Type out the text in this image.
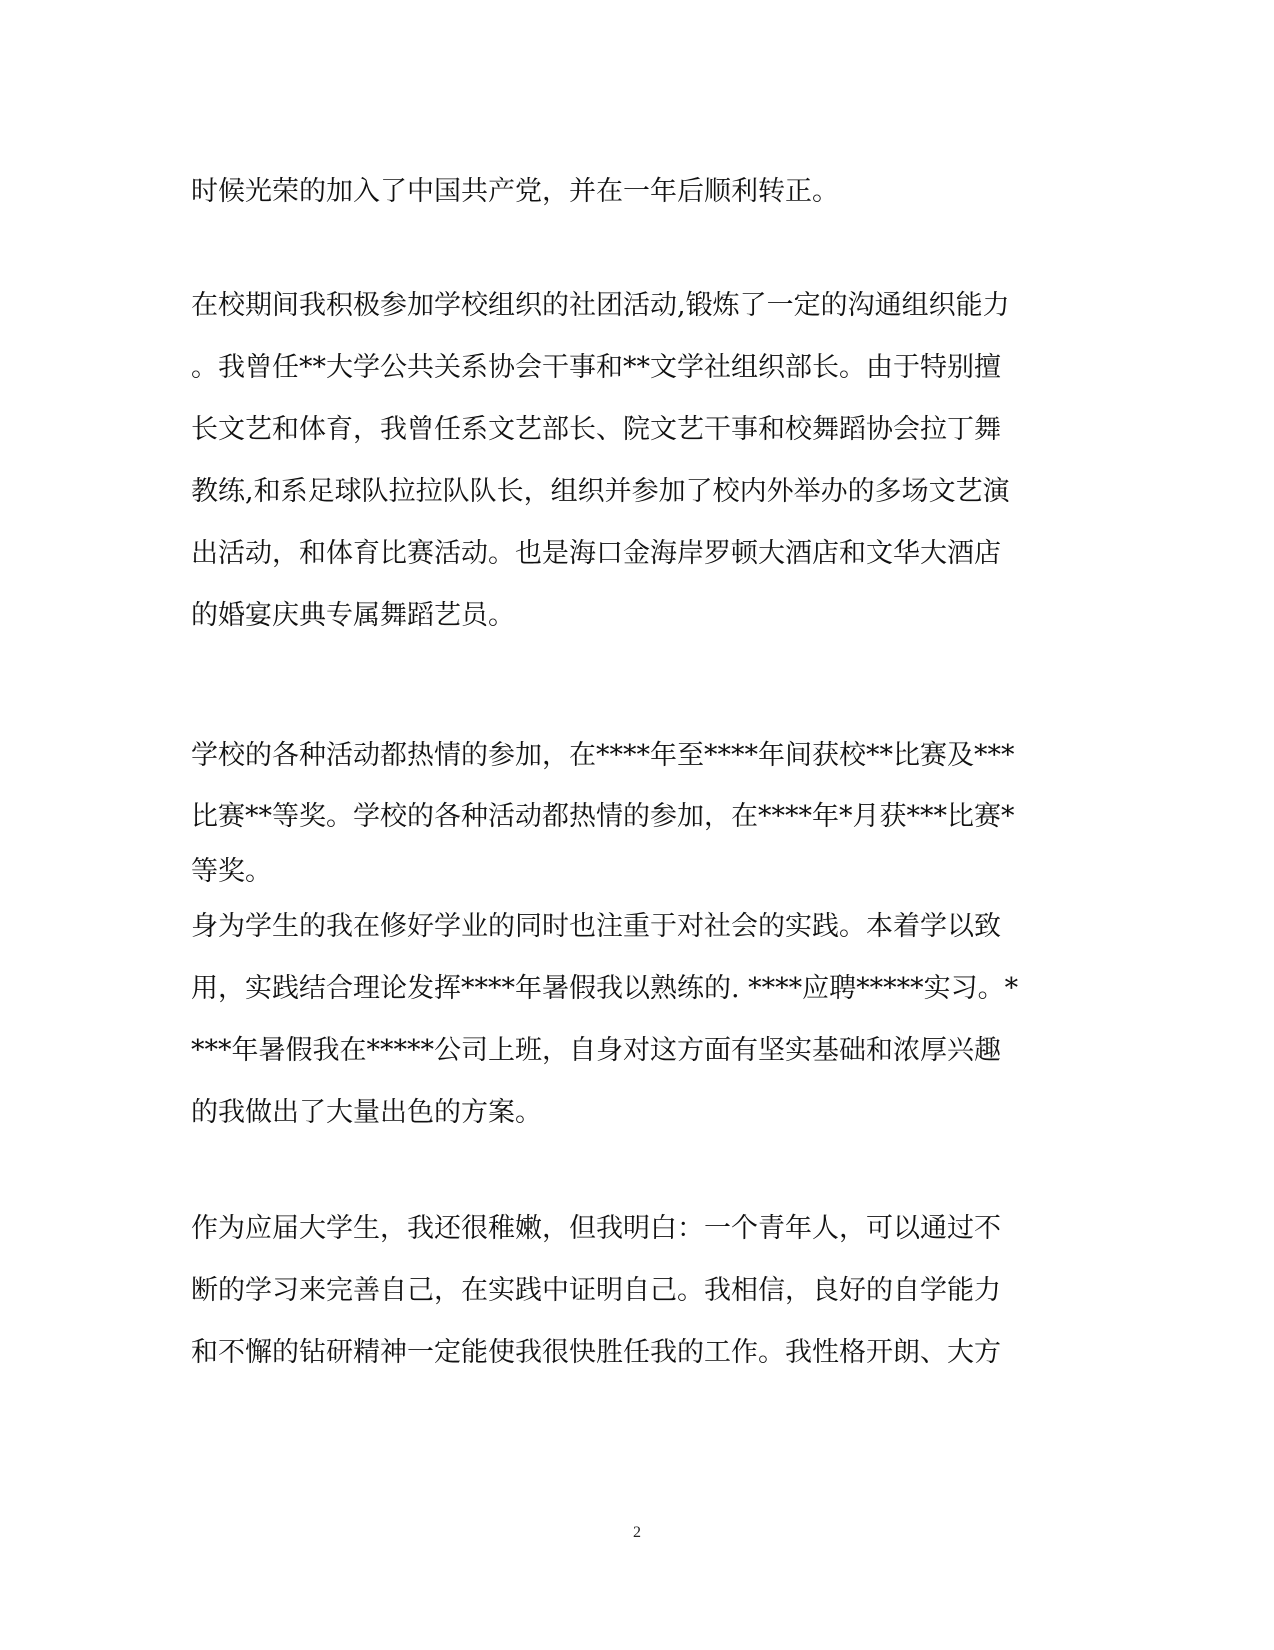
时候光荣的加入了中国共产党，并在一年后顺利转正。
在校期间我积极参加学校组织的社团活动,锻炼了一定的沟通组织能力
。我曾任**大学公共关系协会干事和**文学社组织部长。由于特别擅
长文艺和体育，我曾任系文艺部长、院文艺干事和校舞蹈协会拉丁舞
教练,和系足球队拉拉队队长，组织并参加了校内外举办的多场文艺演
出活动，和体育比赛活动。也是海口金海岸罗顿大酒店和文华大酒店
的婚宴庆典专属舞蹈艺员。
学校的各种活动都热情的参加，在****年至****年间获校**比赛及***
比赛**等奖。学校的各种活动都热情的参加，在****年*月获***比赛*
等奖。
身为学生的我在修好学业的同时也注重于对社会的实践。本着学以致
用，实践结合理论发挥****年暑假我以熟练的. ****应聘*****实习。*
***年暑假我在*****公司上班，自身对这方面有坚实基础和浓厚兴趣
的我做出了大量出色的方案。
作为应届大学生，我还很稚嫩，但我明白：一个青年人，可以通过不
断的学习来完善自己，在实践中证明自己。我相信，良好的自学能力
和不懈的钻研精神一定能使我很快胜任我的工作。我性格开朗、大方
2
